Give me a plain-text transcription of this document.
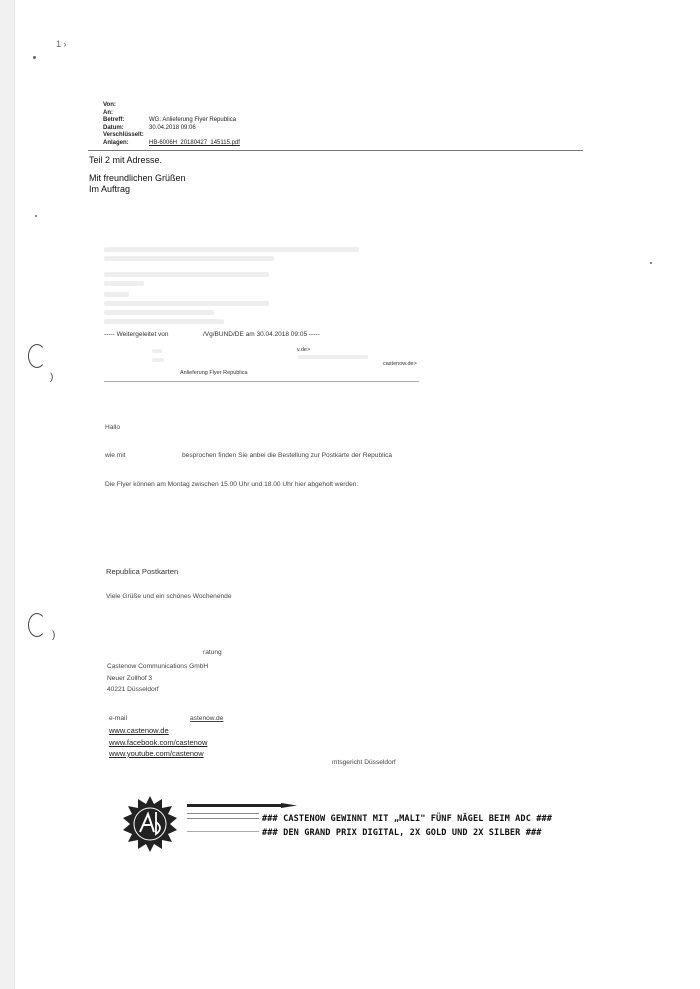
1 ›
)
)
Von:
An:
Betreff:	WG: Anlieferung Flyer Republica
Datum:	30.04.2018 09:06
Verschlüsselt:
Anlagen:	HB-6006H_20180427_145115.pdf
Teil 2 mit Adresse.
Mit freundlichen Grüßen
Im Auftrag
----- Weitergeleitet von	/Vg/BUND/DE am 30.04.2018 09:05 -----
v.de>
castenow.de>
Anlieferung Flyer Republica
Hallo
wie mit	besprochen finden Sie anbei die Bestellung zur Postkarte der Republica
Die Flyer können am Montag zwischen 15.00 Uhr und 18.00 Uhr hier abgeholt werden:
Republica Postkarten
Viele Grüße und ein schönes Wochenende
ratung
Castenow Communications GmbH
Neuer Zollhof 3
40221 Düsseldorf
e-mail	astenow.de
www.castenow.de
www.facebook.com/castenow
www.youtube.com/castenow
mtsgericht Düsseldorf
### CASTENOW GEWINNT MIT „MALI" FÜNF NÄGEL BEIM ADC ###
### DEN GRAND PRIX DIGITAL, 2X GOLD UND 2X SILBER ###
